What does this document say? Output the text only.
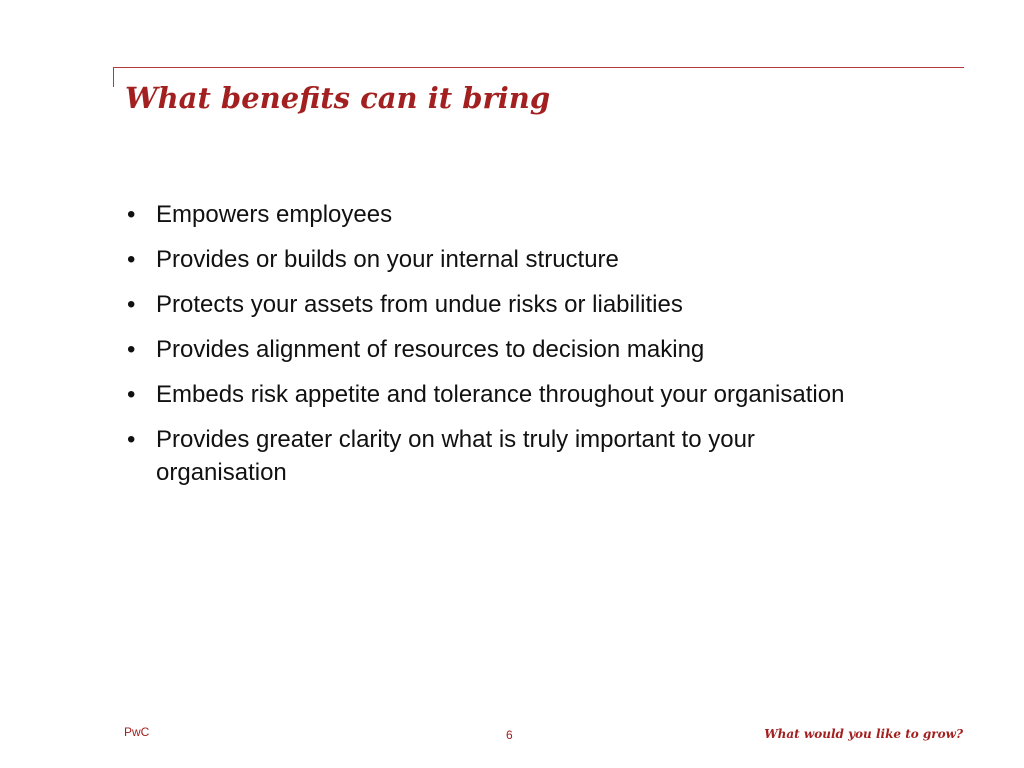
What benefits can it bring
• Empowers employees
• Provides or builds on your internal structure
• Protects your assets from undue risks or liabilities
• Provides alignment of resources to decision making
• Embeds risk appetite and tolerance throughout your organisation
• Provides greater clarity on what is truly important to your organisation
PwC	6	What would you like to grow?
